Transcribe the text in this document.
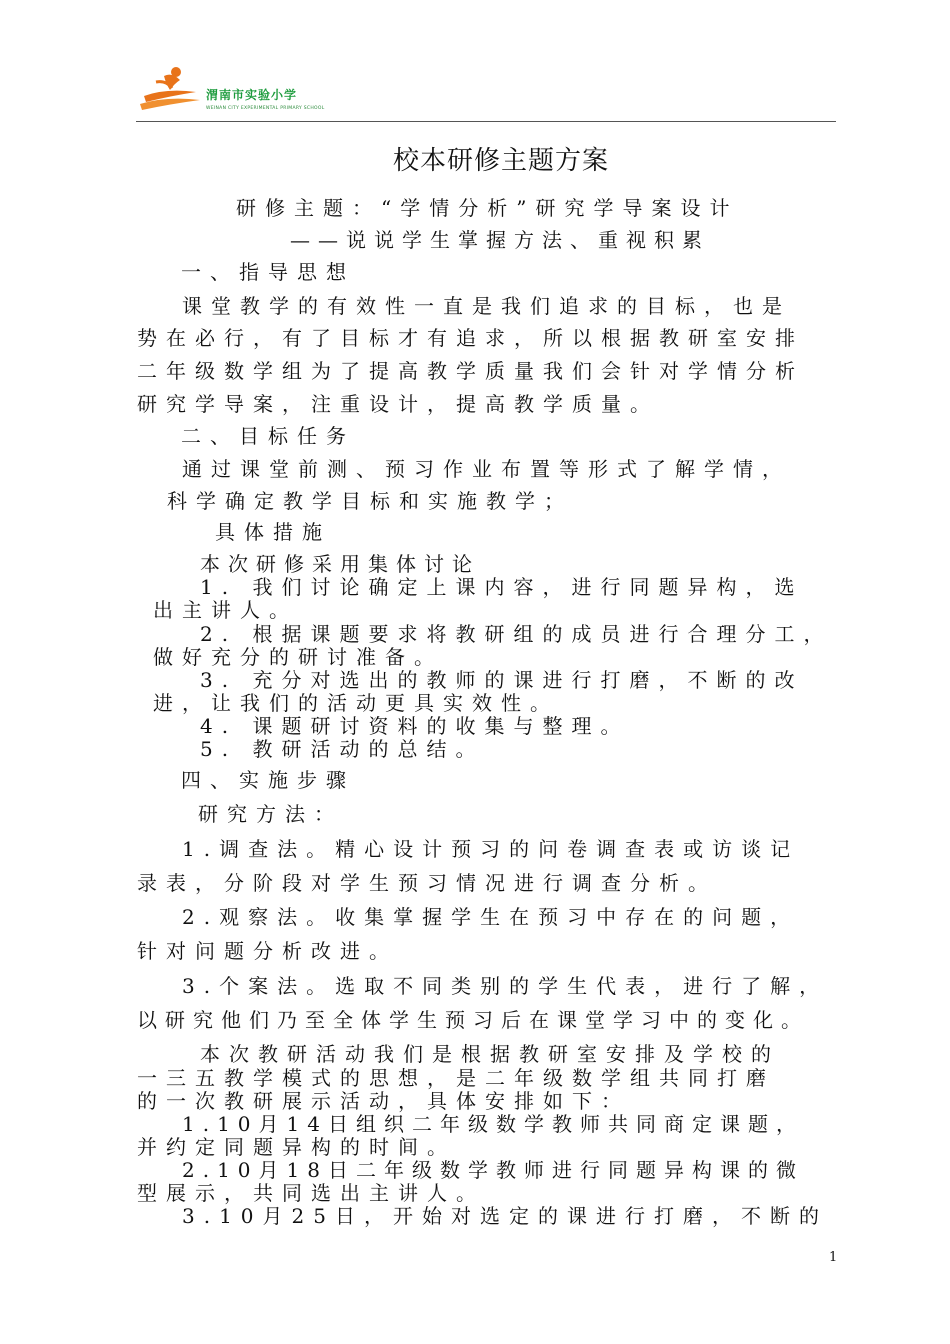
渭南市实验小学
WEINAN CITY EXPERIMENTAL PRIMARY SCHOOL
校本研修主题方案
研修主题：“学情分析”研究学导案设计
——说说学生掌握方法、重视积累
一、指导思想
课堂教学的有效性一直是我们追求的目标，也是
势在必行，有了目标才有追求，所以根据教研室安排
二年级数学组为了提高教学质量我们会针对学情分析
研究学导案，注重设计，提高教学质量。
二、目标任务
通过课堂前测、预习作业布置等形式了解学情，
科学确定教学目标和实施教学；
具体措施
本次研修采用集体讨论
1. 我们讨论确定上课内容，进行同题异构，选
出主讲人。
2. 根据课题要求将教研组的成员进行合理分工，
做好充分的研讨准备。
3. 充分对选出的教师的课进行打磨，不断的改
进，让我们的活动更具实效性。
4. 课题研讨资料的收集与整理。
5. 教研活动的总结。
四、实施步骤
研究方法：
1.调查法。精心设计预习的问卷调查表或访谈记
录表，分阶段对学生预习情况进行调查分析。
2.观察法。收集掌握学生在预习中存在的问题，
针对问题分析改进。
3.个案法。选取不同类别的学生代表，进行了解，
以研究他们乃至全体学生预习后在课堂学习中的变化。
本次教研活动我们是根据教研室安排及学校的
一三五教学模式的思想，是二年级数学组共同打磨
的一次教研展示活动，具体安排如下：
1.10月14日组织二年级数学教师共同商定课题，
并约定同题异构的时间。
2.10月18日二年级数学教师进行同题异构课的微
型展示，共同选出主讲人。
3.10月25日，开始对选定的课进行打磨，不断的
1
